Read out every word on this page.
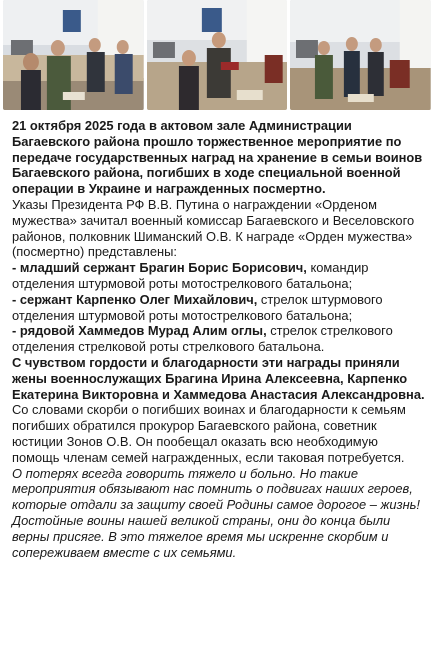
21 октября 2025 года в актовом зале Администрации Багаевского района прошло торжественное мероприятие по передаче государственных наград на хранение в семьи воинов Багаевского района, погибших в ходе специальной военной операции в Украине и награжденных посмертно.

Указы Президента РФ В.В. Путина о награждении «Орденом мужества» зачитал военный комиссар Багаевского и Веселовского районов, полковник Шиманский О.В. К награде «Орден мужества» (посмертно) представлены:

- младший сержант Брагин Борис Борисович, командир отделения штурмовой роты мотострелкового батальона;

- сержант Карпенко Олег Михайлович, стрелок штурмового отделения штурмовой роты мотострелкового батальона;

- рядовой Хаммедов Мурад Алим оглы, стрелок стрелкового отделения стрелковой роты стрелкового батальона.

С чувством гордости и благодарности эти награды приняли жены военнослужащих Брагина Ирина Алексеевна, Карпенко Екатерина Викторовна и Хаммедова Анастасия Александровна.

Со словами скорби о погибших воинах и благодарности к семьям погибших обратился прокурор Багаевского района, советник юстиции Зонов О.В. Он пообещал оказать всю необходимую помощь членам семей награжденных, если таковая потребуется.

О потерях всегда говорить тяжело и больно. Но такие мероприятия обязывают нас помнить о подвигах наших героев, которые отдали за защиту своей Родины самое дорогое – жизнь! Достойные воины нашей великой страны, они до конца были верны присяге. В это тяжелое время мы искренне скорбим и сопереживаем вместе с их семьями.
